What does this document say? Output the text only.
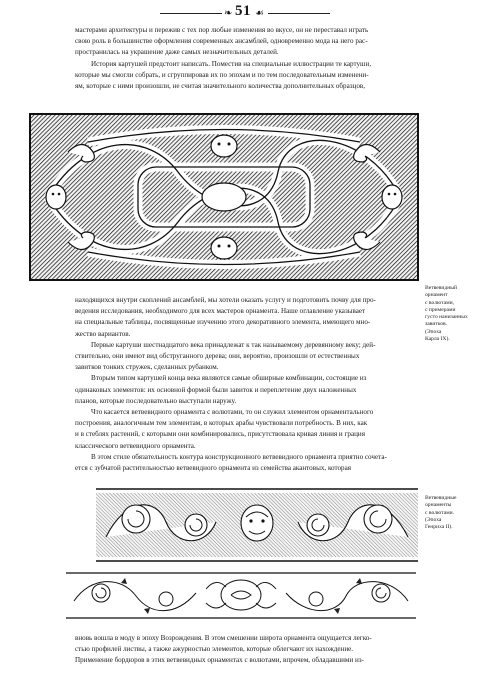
❧ 51 ☙

мастерами архитектуры и пережив с тех пор любые изменения во вкусе, он не переставал играть

свою роль в большинстве оформления современных ансамблей, одновременно мода на него рас-

пространилась на украшение даже самых незначительных деталей.

История картушей предстоит написать. Поместив на специальные иллюстрации те картуши,

которые мы смогли собрать, и сгруппировав их по эпохам и по тем последовательным изменени-

ям, которые с ними произошли, не считая значительного количества дополнительных образцов,

Ветвевидный
орнамент
с волютами,
с примерами
густо нанизанных
завитков.
(Эпоха
Карла IX).

находящихся внутри скоплений ансамблей, мы хотели оказать услугу и подготовить почву для про-

ведения исследования, необходимого для всех мастеров орнамента. Наше оглавление указывает

на специальные таблицы, посвященные изучению этого декоративного элемента, имеющего мно-

жество вариантов.

Первые картуши шестнадцатого века принадлежат к так называемому деревянному веку; дей-

ствительно, они имеют вид обструганного дерева; они, вероятно, произошли от естественных

завитков тонких стружек, сделанных рубанком.

Вторым типом картушей конца века являются самые обширные комбинации, состоящие из

одинаковых элементов: их основной формой были завиток и переплетение двух наложенных

планов, которые последовательно выступали наружу.

Что касается ветвевидного орнамента с волютами, то он служил элементом орнаментального

построения, аналогичным тем элементам, в которых арабы чувствовали потребность. В них, как

и в стеблях растений, с которыми они комбинировались, присутствовала кривая линия и грация

классического ветвевидного орнамента.

В этом стиле обязательность контура конструкционного ветвевидного орнамента приятно сочета-

ется с зубчатой растительностью ветвевидного орнамента из семейства акантовых, которая

Ветвевидные
орнаменты
с волютами.
(Эпоха
Генриха II).

вновь вошла в моду в эпоху Возрождения. В этом смешении широта орнамента ощущается легко-

стью профилей листвы, а также ажурностью элементов, которые облегчают их нахождение.

Применение бордюров в этих ветвевидных орнаментах с волютами, впрочем, обладавшими из-
